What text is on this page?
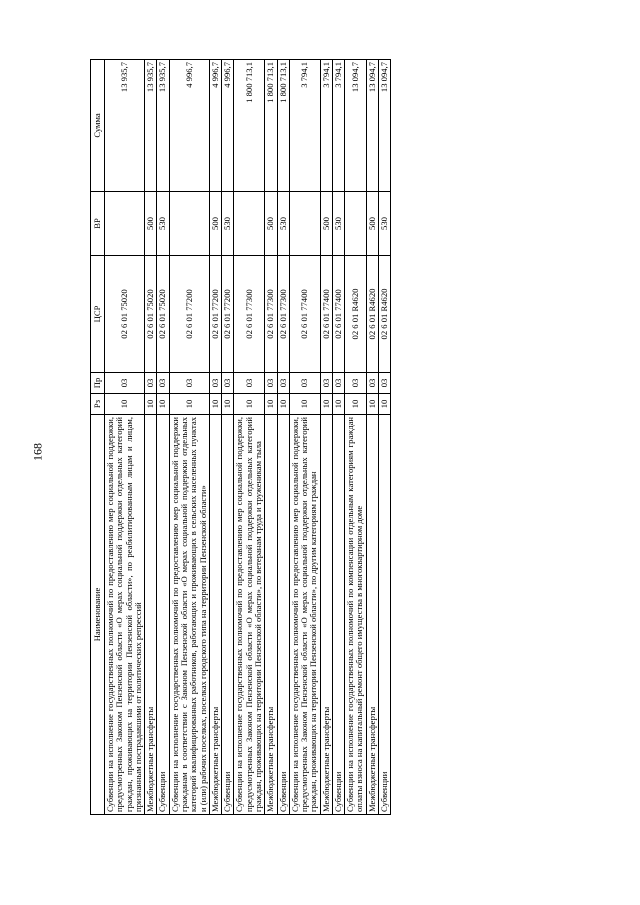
168
Наименование	Рз	Пр	ЦСР	ВР	Сумма
Субвенции на исполнение государственных полномочий по предоставлению мер социальной поддержки, предусмотренных Законом Пензенской области «О мерах социальной поддержки отдельных категорий граждан, проживающих на территории Пензенской области», по реабилитированным лицам и лицам, признанным пострадавшими от политических репрессий	10	03	02 6 01 75020		13 935,7
Межбюджетные трансферты	10	03	02 6 01 75020	500	13 935,7
Субвенции	10	03	02 6 01 75020	530	13 935,7
Субвенции на исполнение государственных полномочий по предоставлению мер социальной поддержки гражданам в соответствии с Законом Пензенской области «О мерах социальной поддержки отдельных категорий квалифицированных работников, работающих и проживающих в сельских населенных пунктах и (или) рабочих поселках, поселках городского типа на территории Пензенской области»	10	03	02 6 01 77200		4 996,7
Межбюджетные трансферты	10	03	02 6 01 77200	500	4 996,7
Субвенции	10	03	02 6 01 77200	530	4 996,7
Субвенции на исполнение государственных полномочий по предоставлению мер социальной поддержки, предусмотренных Законом Пензенской области «О мерах социальной поддержки отдельных категорий граждан, проживающих на территории Пензенской области», по ветеранам труда и труженикам тыла	10	03	02 6 01 77300		1 800 713,1
Межбюджетные трансферты	10	03	02 6 01 77300	500	1 800 713,1
Субвенции	10	03	02 6 01 77300	530	1 800 713,1
Субвенции на исполнение государственных полномочий по предоставлению мер социальной поддержки, предусмотренных Законом Пензенской области «О мерах социальной поддержки отдельных категорий граждан, проживающих на территории Пензенской области», по другим категориям граждан	10	03	02 6 01 77400		3 794,1
Межбюджетные трансферты	10	03	02 6 01 77400	500	3 794,1
Субвенции	10	03	02 6 01 77400	530	3 794,1
Субвенции на исполнение государственных полномочий по компенсации отдельным категориям граждан оплаты взноса на капитальный ремонт общего имущества в многоквартирном доме	10	03	02 6 01 R4620		13 094,7
Межбюджетные трансферты	10	03	02 6 01 R4620	500	13 094,7
Субвенции	10	03	02 6 01 R4620	530	13 094,7
